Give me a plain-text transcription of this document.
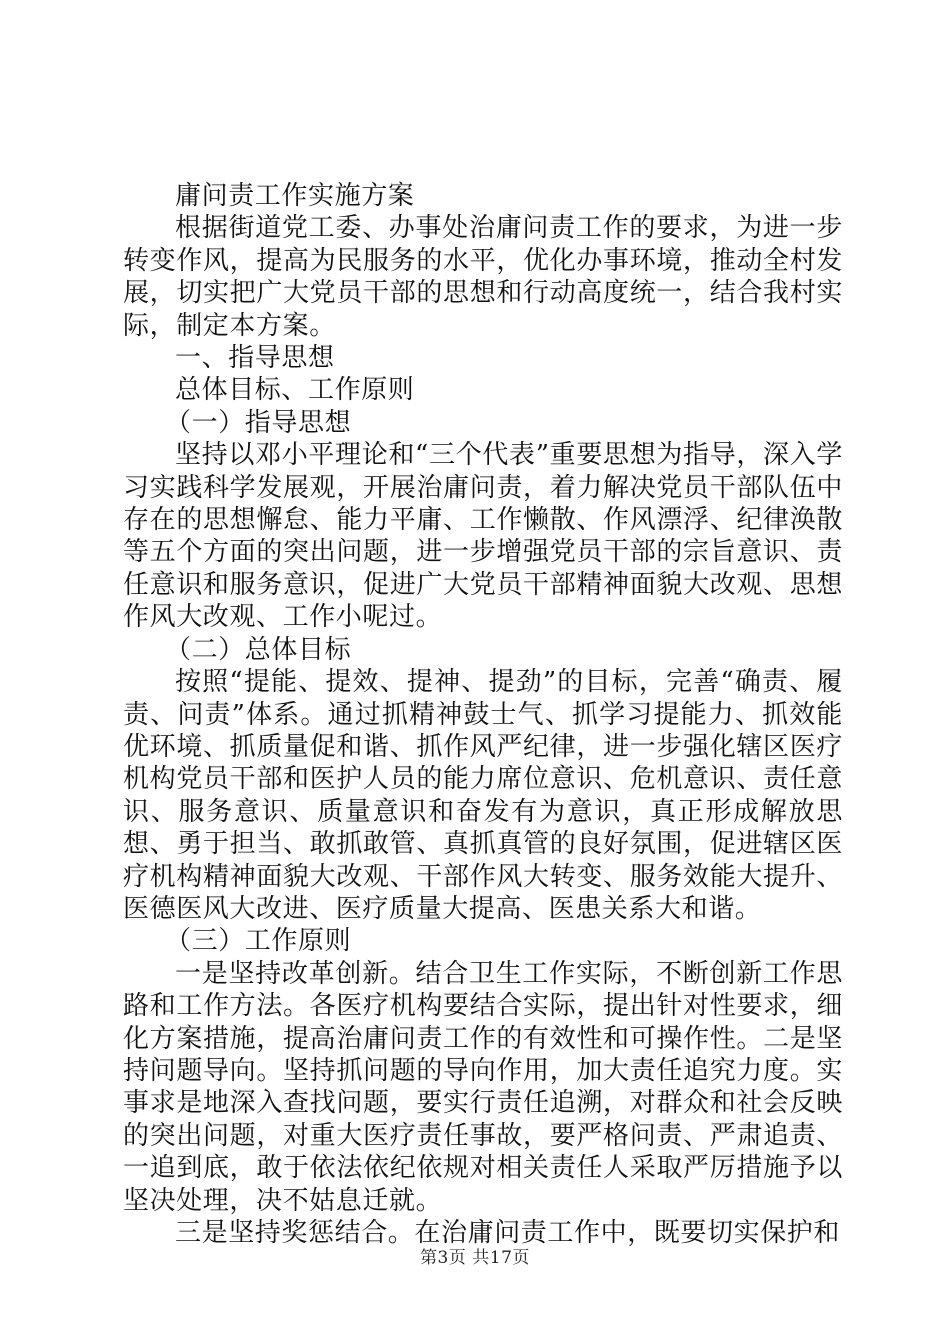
庸问责工作实施方案

根据街道党工委、办事处治庸问责工作的要求，为进一步转变作风，提高为民服务的水平，优化办事环境，推动全村发展，切实把广大党员干部的思想和行动高度统一，结合我村实际，制定本方案。

一、指导思想

总体目标、工作原则

（一）指导思想

坚持以邓小平理论和“三个代表”重要思想为指导，深入学习实践科学发展观，开展治庸问责，着力解决党员干部队伍中存在的思想懈怠、能力平庸、工作懒散、作风漂浮、纪律涣散等五个方面的突出问题，进一步增强党员干部的宗旨意识、责任意识和服务意识，促进广大党员干部精神面貌大改观、思想作风大改观、工作小呢过。

（二）总体目标

按照“提能、提效、提神、提劲”的目标，完善“确责、履责、问责”体系。通过抓精神鼓士气、抓学习提能力、抓效能优环境、抓质量促和谐、抓作风严纪律，进一步强化辖区医疗机构党员干部和医护人员的能力席位意识、危机意识、责任意识、服务意识、质量意识和奋发有为意识，真正形成解放思想、勇于担当、敢抓敢管、真抓真管的良好氛围，促进辖区医疗机构精神面貌大改观、干部作风大转变、服务效能大提升、医德医风大改进、医疗质量大提高、医患关系大和谐。

（三）工作原则

一是坚持改革创新。结合卫生工作实际，不断创新工作思路和工作方法。各医疗机构要结合实际，提出针对性要求，细化方案措施，提高治庸问责工作的有效性和可操作性。二是坚持问题导向。坚持抓问题的导向作用，加大责任追究力度。实事求是地深入查找问题，要实行责任追溯，对群众和社会反映的突出问题，对重大医疗责任事故，要严格问责、严肃追责、一追到底，敢于依法依纪依规对相关责任人采取严厉措施予以坚决处理，决不姑息迁就。

三是坚持奖惩结合。在治庸问责工作中，既要切实保护和

第3页 共17页
